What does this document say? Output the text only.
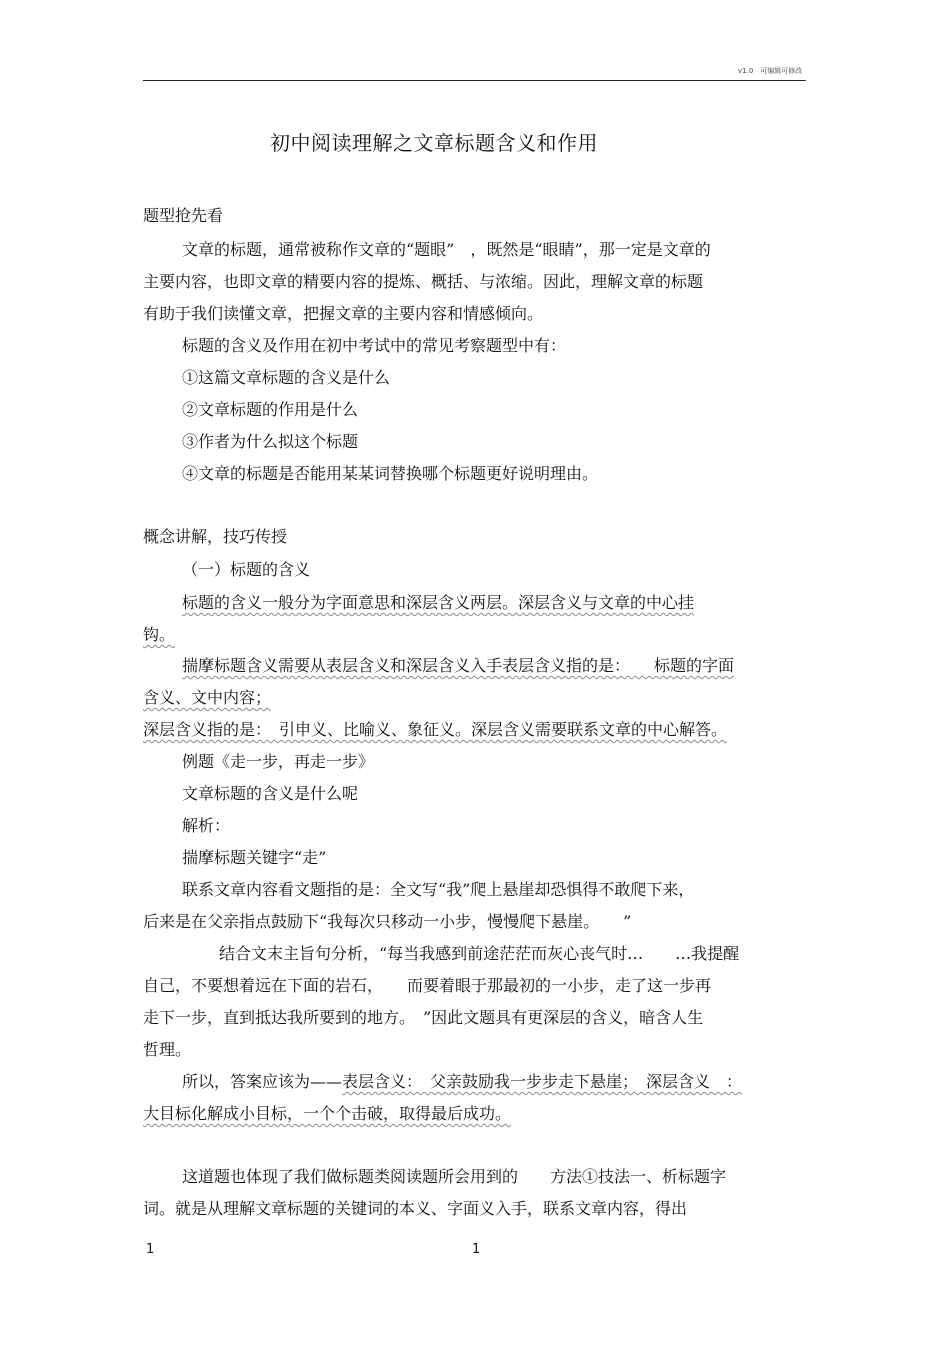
v1.0　可编辑可修改
初中阅读理解之文章标题含义和作用
题型抢先看
文章的标题，通常被称作文章的“题眼”　，既然是“眼睛”，那一定是文章的
主要内容，也即文章的精要内容的提炼、概括、与浓缩。因此，理解文章的标题
有助于我们读懂文章，把握文章的主要内容和情感倾向。
标题的含义及作用在初中考试中的常见考察题型中有：
①这篇文章标题的含义是什么
②文章标题的作用是什么
③作者为什么拟这个标题
④文章的标题是否能用某某词替换哪个标题更好说明理由。
概念讲解，技巧传授
（一）标题的含义
标题的含义一般分为字面意思和深层含义两层。深层含义与文章的中心挂
钩。
揣摩标题含义需要从表层含义和深层含义入手表层含义指的是：　　标题的字面
含义、文中内容；
深层含义指的是：　引申义、比喻义、象征义。深层含义需要联系文章的中心解答。
例题《走一步，再走一步》
文章标题的含义是什么呢
解析：
揣摩标题关键字“走”
联系文章内容看文题指的是：全文写“我”爬上悬崖却恐惧得不敢爬下来，
后来是在父亲指点鼓励下“我每次只移动一小步，慢慢爬下悬崖。　　”
结合文末主旨句分析，“每当我感到前途茫茫而灰心丧气时…　　…我提醒
自己，不要想着远在下面的岩石，　　而要着眼于那最初的一小步，走了这一步再
走下一步，直到抵达我所要到的地方。　”因此文题具有更深层的含义，暗含人生
哲理。
所以，答案应该为——表层含义：　父亲鼓励我一步步走下悬崖；　深层含义　：
大目标化解成小目标，一个个击破，取得最后成功。
这道题也体现了我们做标题类阅读题所会用到的　　方法①技法一、析标题字
词。就是从理解文章标题的关键词的本义、字面义入手，联系文章内容，得出
1	1
